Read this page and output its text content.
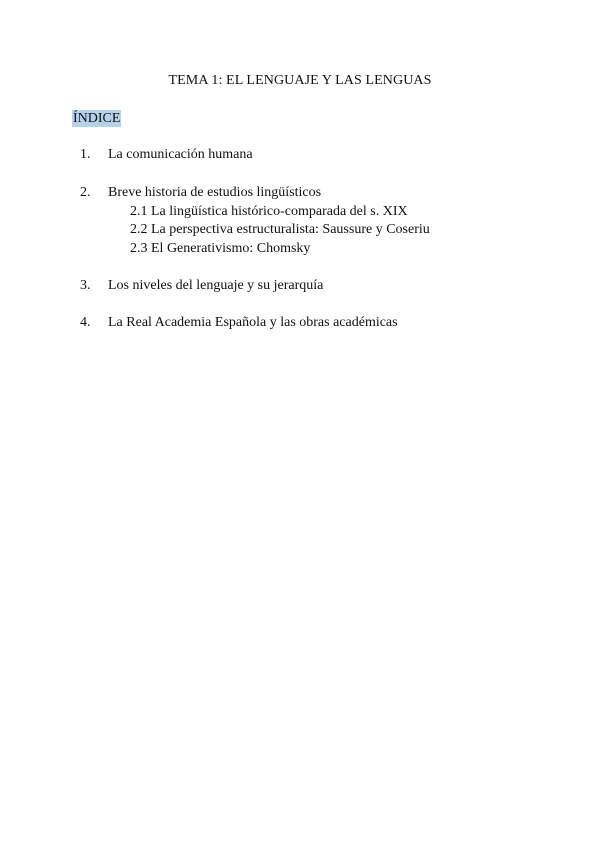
TEMA 1: EL LENGUAJE Y LAS LENGUAS
ÍNDICE
1. La comunicación humana
2. Breve historia de estudios lingüísticos
2.1 La lingüística histórico-comparada del s. XIX
2.2 La perspectiva estructuralista: Saussure y Coseriu
2.3 El Generativismo: Chomsky
3. Los niveles del lenguaje y su jerarquía
4. La Real Academia Española y las obras académicas
